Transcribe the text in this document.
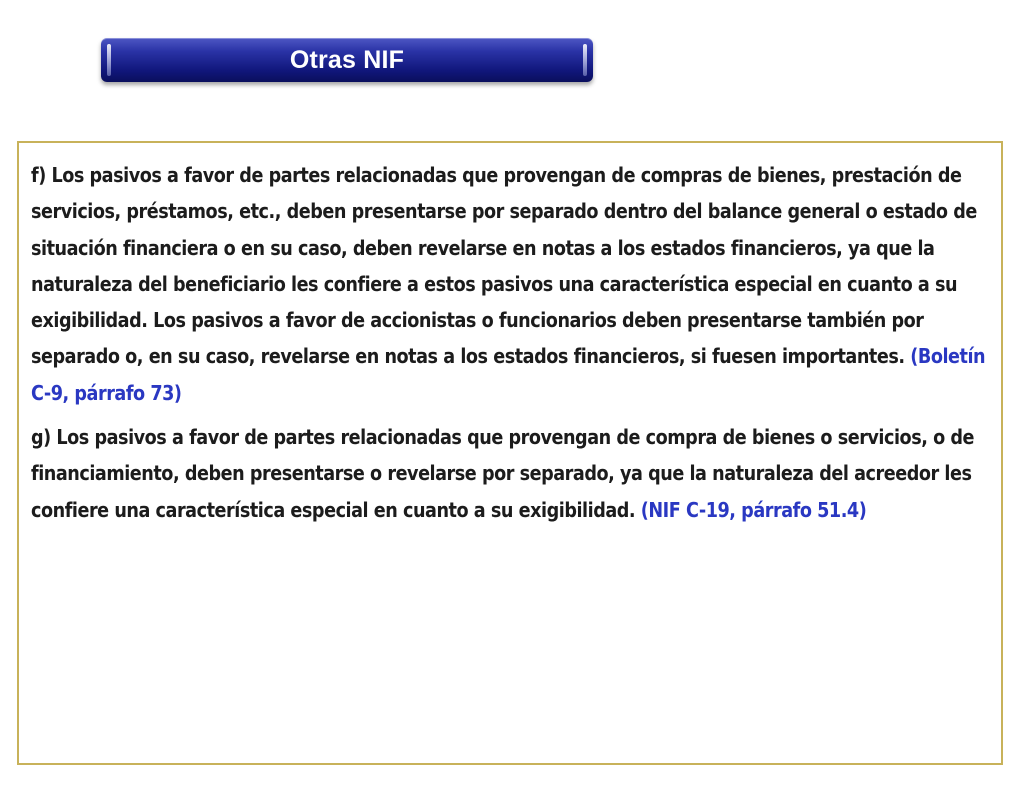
Otras NIF

f) Los pasivos a favor de partes relacionadas que provengan de compras de bienes, prestación de servicios, préstamos, etc., deben presentarse por separado dentro del balance general o estado de situación financiera o en su caso, deben revelarse en notas a los estados financieros, ya que la naturaleza del beneficiario les confiere a estos pasivos una característica especial en cuanto a su exigibilidad. Los pasivos a favor de accionistas o funcionarios deben presentarse también por separado o, en su caso, revelarse en notas a los estados financieros, si fuesen importantes. (Boletín C-9, párrafo 73)

g) Los pasivos a favor de partes relacionadas que provengan de compra de bienes o servicios, o de financiamiento, deben presentarse o revelarse por separado, ya que la naturaleza del acreedor les confiere una característica especial en cuanto a su exigibilidad. (NIF C-19, párrafo 51.4)
